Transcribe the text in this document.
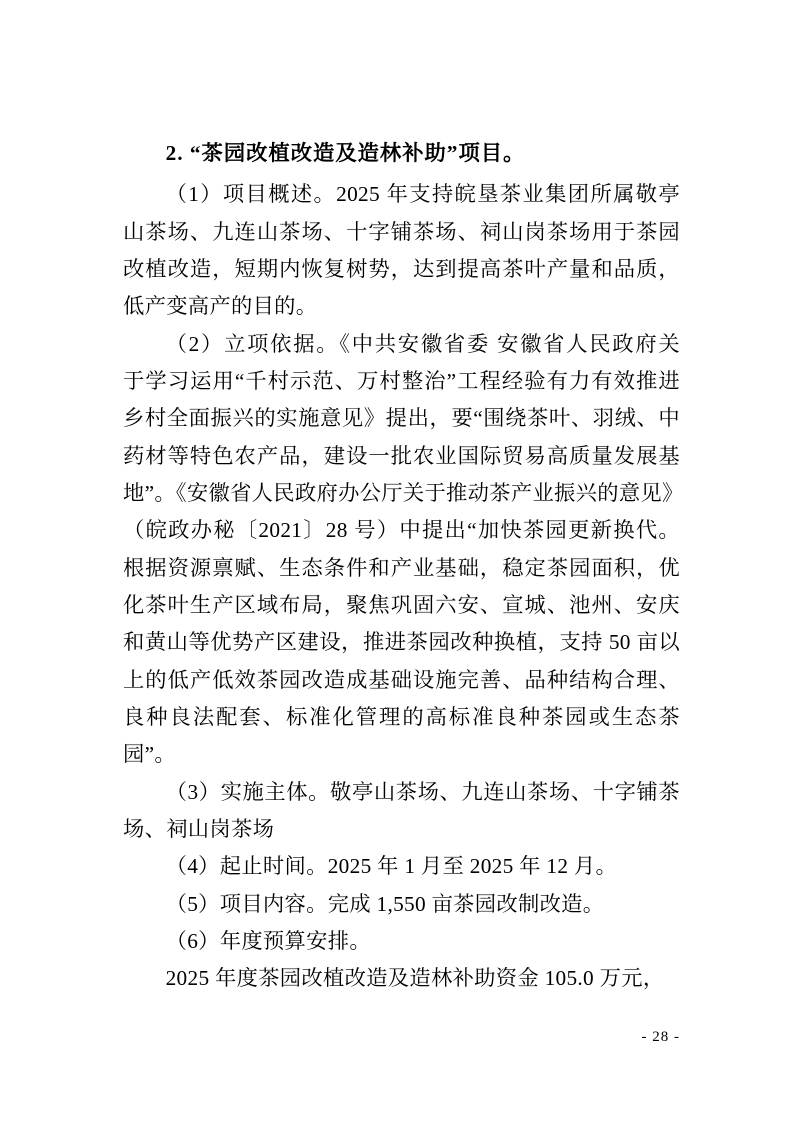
2. “茶园改植改造及造林补助”项目。
（1）项目概述。2025 年支持皖垦茶业集团所属敬亭
山茶场、九连山茶场、十字铺茶场、祠山岗茶场用于茶园
改植改造，短期内恢复树势，达到提高茶叶产量和品质，
低产变高产的目的。
（2）立项依据。《中共安徽省委 安徽省人民政府关
于学习运用“千村示范、万村整治”工程经验有力有效推进
乡村全面振兴的实施意见》提出，要“围绕茶叶、羽绒、中
药材等特色农产品，建设一批农业国际贸易高质量发展基
地”。《安徽省人民政府办公厅关于推动茶产业振兴的意见》
（皖政办秘〔2021〕28 号）中提出“加快茶园更新换代。
根据资源禀赋、生态条件和产业基础，稳定茶园面积，优
化茶叶生产区域布局，聚焦巩固六安、宣城、池州、安庆
和黄山等优势产区建设，推进茶园改种换植，支持 50 亩以
上的低产低效茶园改造成基础设施完善、品种结构合理、
良种良法配套、标准化管理的高标准良种茶园或生态茶
园”。
（3）实施主体。敬亭山茶场、九连山茶场、十字铺茶
场、祠山岗茶场
（4）起止时间。2025 年 1 月至 2025 年 12 月。
（5）项目内容。完成 1,550 亩茶园改制改造。
（6）年度预算安排。
2025 年度茶园改植改造及造林补助资金 105.0 万元，
- 28 -
